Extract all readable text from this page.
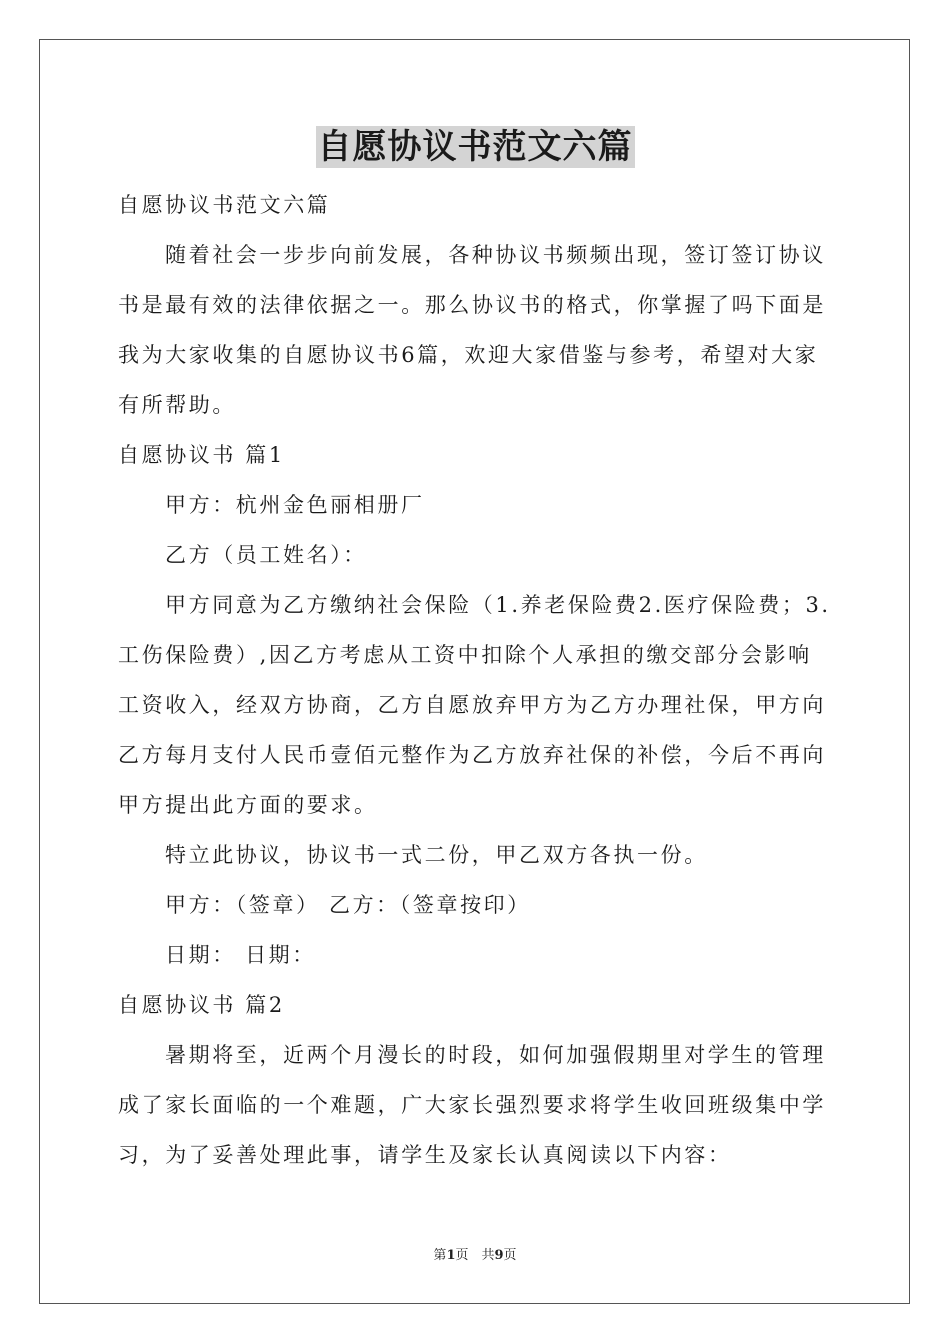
自愿协议书范文六篇

自愿协议书范文六篇

随着社会一步步向前发展，各种协议书频频出现，签订签订协议书是最有效的法律依据之一。那么协议书的格式，你掌握了吗下面是我为大家收集的自愿协议书6篇，欢迎大家借鉴与参考，希望对大家有所帮助。

自愿协议书 篇1

甲方：杭州金色丽相册厂

乙方（员工姓名）：

甲方同意为乙方缴纳社会保险（1.养老保险费2.医疗保险费；3.工伤保险费）,因乙方考虑从工资中扣除个人承担的缴交部分会影响工资收入，经双方协商，乙方自愿放弃甲方为乙方办理社保，甲方向乙方每月支付人民币壹佰元整作为乙方放弃社保的补偿，今后不再向甲方提出此方面的要求。

特立此协议，协议书一式二份，甲乙双方各执一份。

甲方：（签章） 乙方：（签章按印）

日期： 日期：

自愿协议书 篇2

暑期将至，近两个月漫长的时段，如何加强假期里对学生的管理成了家长面临的一个难题，广大家长强烈要求将学生收回班级集中学习，为了妥善处理此事，请学生及家长认真阅读以下内容：

第1页　共9页
